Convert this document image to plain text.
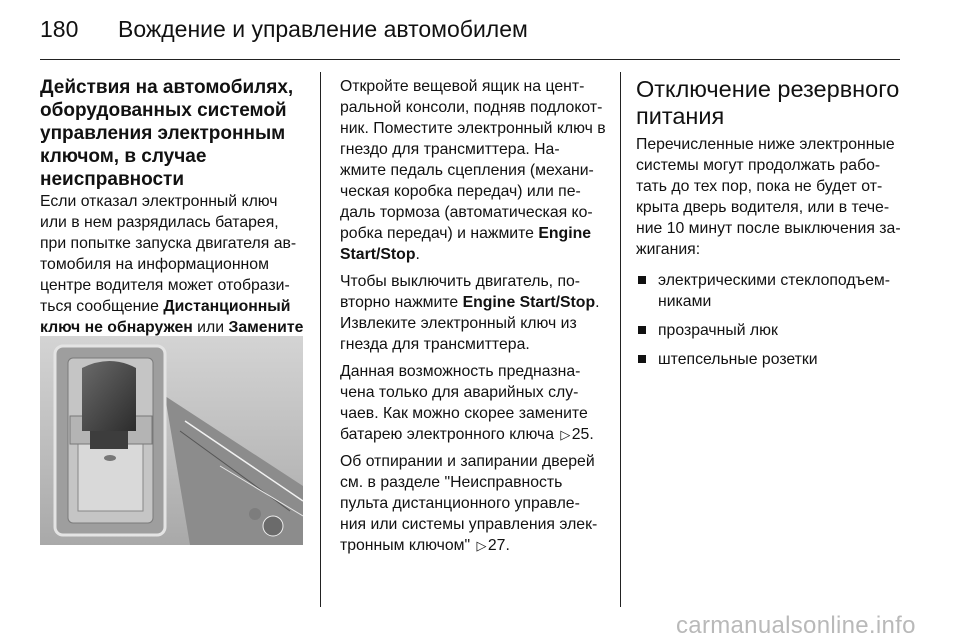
180 Вождение и управление автомобилем
Действия на автомобилях,
оборудованных системой
управления электронным
ключом, в случае
неисправности

Если отказал электронный ключ или в нем разрядилась батарея, при попытке запуска двигателя ав- томобиля на информационном центре водителя может отобрази- ться сообщение Дистанционный ключ не обнаружен или Замените

Откройте вещевой ящик на цент- ральной консоли, подняв подлокот- ник. Поместите электронный ключ в гнездо для трансмиттера. На- жмите педаль сцепления (механи- ческая коробка передач) или пе- даль тормоза (автоматическая ко- робка передач) и нажмите Engine Start/Stop.

Чтобы выключить двигатель, по- вторно нажмите Engine Start/Stop. Извлеките электронный ключ из гнезда для трансмиттера.

Данная возможность предназна- чена только для аварийных слу- чаев. Как можно скорее замените батарею электронного ключа ▷ 25.

Об отпирании и запирании дверей см. в разделе "Неисправность пульта дистанционного управле- ния или системы управления элек- тронным ключом" ▷ 27.

Отключение резервного
питания

Перечисленные ниже электронные системы могут продолжать рабо- тать до тех пор, пока не будет от- крыта дверь водителя, или в тече- ние 10 минут после выключения за- жигания:

электрическими стеклоподъем- никами
прозрачный люк
штепсельные розетки
carmanualsonline.info
